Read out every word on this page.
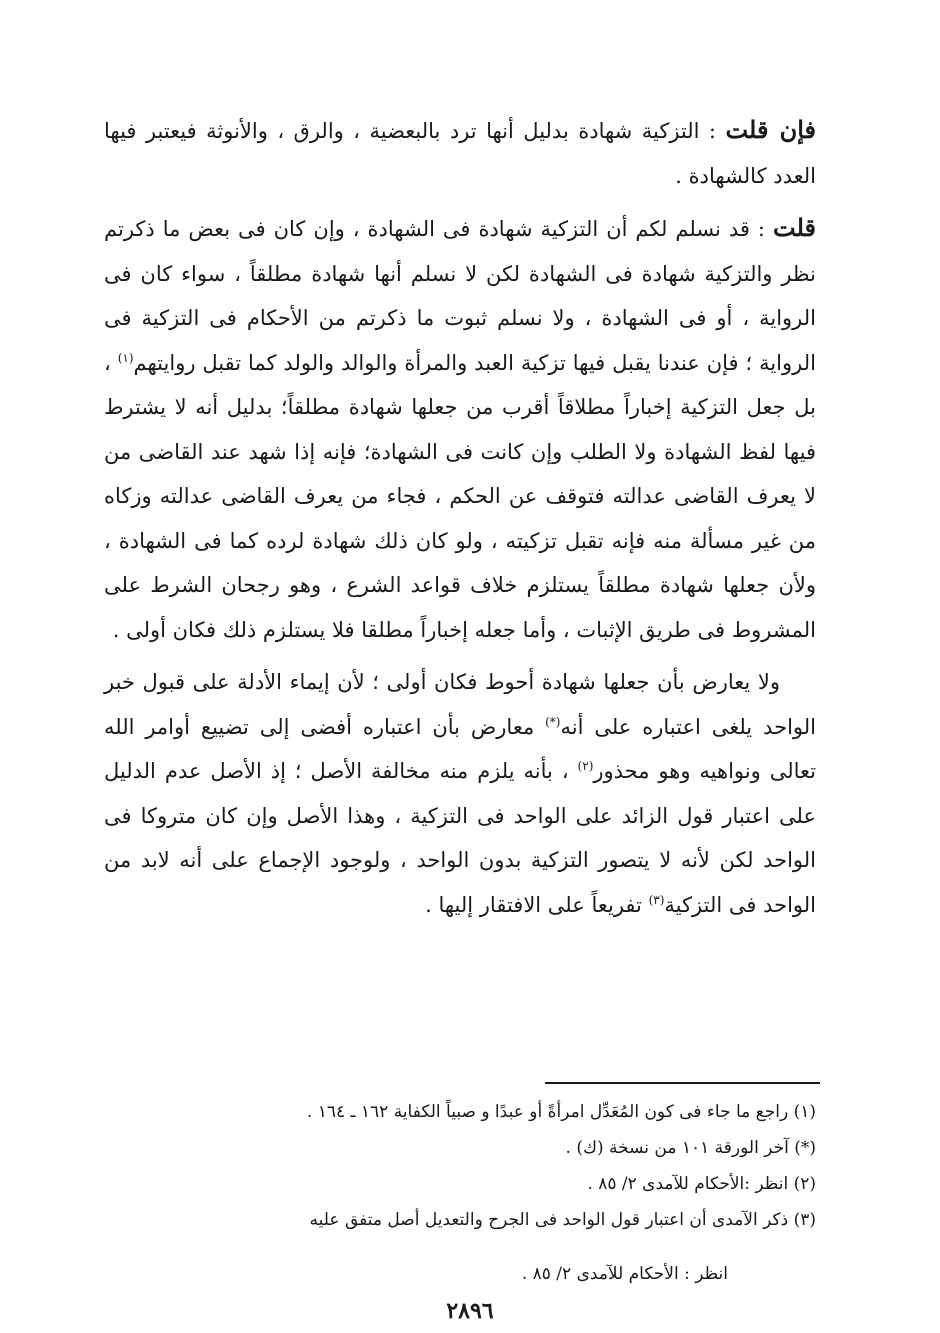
فإن قلت : التزكية شهادة بدليل أنها ترد بالبعضية ، والرق ، والأنوثة فيعتبر فيها العدد كالشهادة .

قلت : قد نسلم لكم أن التزكية شهادة فى الشهادة ، وإن كان فى بعض ما ذكرتم نظر والتزكية شهادة فى الشهادة لكن لا نسلم أنها شهادة مطلقاً ، سواء كان فى الرواية ، أو فى الشهادة ، ولا نسلم ثبوت ما ذكرتم من الأحكام فى التزكية فى الرواية ؛ فإن عندنا يقبل فيها تزكية العبد والمرأة والوالد والولد كما تقبل روايتهم$^{(١)}$ ، بل جعل التزكية إخباراً مطلاقاً أقرب من جعلها شهادة مطلقاً؛ بدليل أنه لا يشترط فيها لفظ الشهادة ولا الطلب وإن كانت فى الشهادة؛ فإنه إذا شهد عند القاضى من لا يعرف القاضى عدالته فتوقف عن الحكم ، فجاء من يعرف القاضى عدالته وزكاه من غير مسألة منه فإنه تقبل تزكيته ، ولو كان ذلك شهادة لرده كما فى الشهادة ، ولأن جعلها شهادة مطلقاً يستلزم خلاف قواعد الشرع ، وهو رجحان الشرط على المشروط فى طريق الإثبات ، وأما جعله إخباراً مطلقا فلا يستلزم ذلك فكان أولى .

ولا يعارض بأن جعلها شهادة أحوط فكان أولى ؛ لأن إيماء الأدلة على قبول خبر الواحد يلغى اعتباره على أنه(*) معارض بأن اعتباره أفضى إلى تضييع أوامر الله تعالى ونواهيه وهو محذور$^{(٢)}$ ، بأنه يلزم منه مخالفة الأصل ؛ إذ الأصل عدم الدليل على اعتبار قول الزائد على الواحد فى التزكية ، وهذا الأصل وإن كان متروكا فى الواحد لكن لأنه لا يتصور التزكية بدون الواحد ، ولوجود الإجماع على أنه لابد من الواحد فى التزكية$^{(٣)}$ تفريعاً على الافتقار إليها .

(١) راجع ما جاء فى كون المُعَدِّل امرأةً أو عبدًا و صبياً الكفاية ١٦٢ ـ ١٦٤ .

(*) آخر الورقة ١٠١ من نسخة (ك) .

(٢) انظر :الأحكام للآمدى ٢/ ٨٥ .

(٣) ذكر الآمدى أن اعتبار قول الواحد فى الجرح والتعديل أصل متفق عليه

انظر : الأحكام للآمدى ٢/ ٨٥ .

٢٨٩٦
